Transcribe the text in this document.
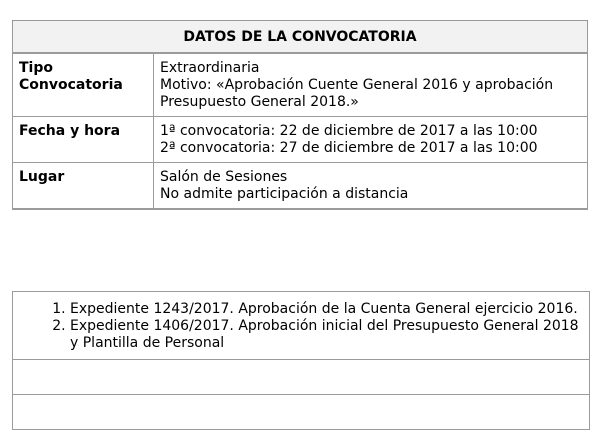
DATOS DE LA CONVOCATORIA	
Tipo Convocatoria	Extraordinaria
Motivo: «Aprobación Cuente General 2016 y aprobación Presupuesto General 2018.»

Fecha y hora	1ª convocatoria: 22 de diciembre de 2017 a las 10:00
2ª convocatoria: 27 de diciembre de 2017 a las 10:00

Lugar	Salón de Sesiones
No admite participación a distancia
1. Expediente 1243/2017. Aprobación de la Cuenta General ejercicio 2016.
2. Expediente 1406/2017. Aprobación inicial del Presupuesto General 2018 y Plantilla de Personal
